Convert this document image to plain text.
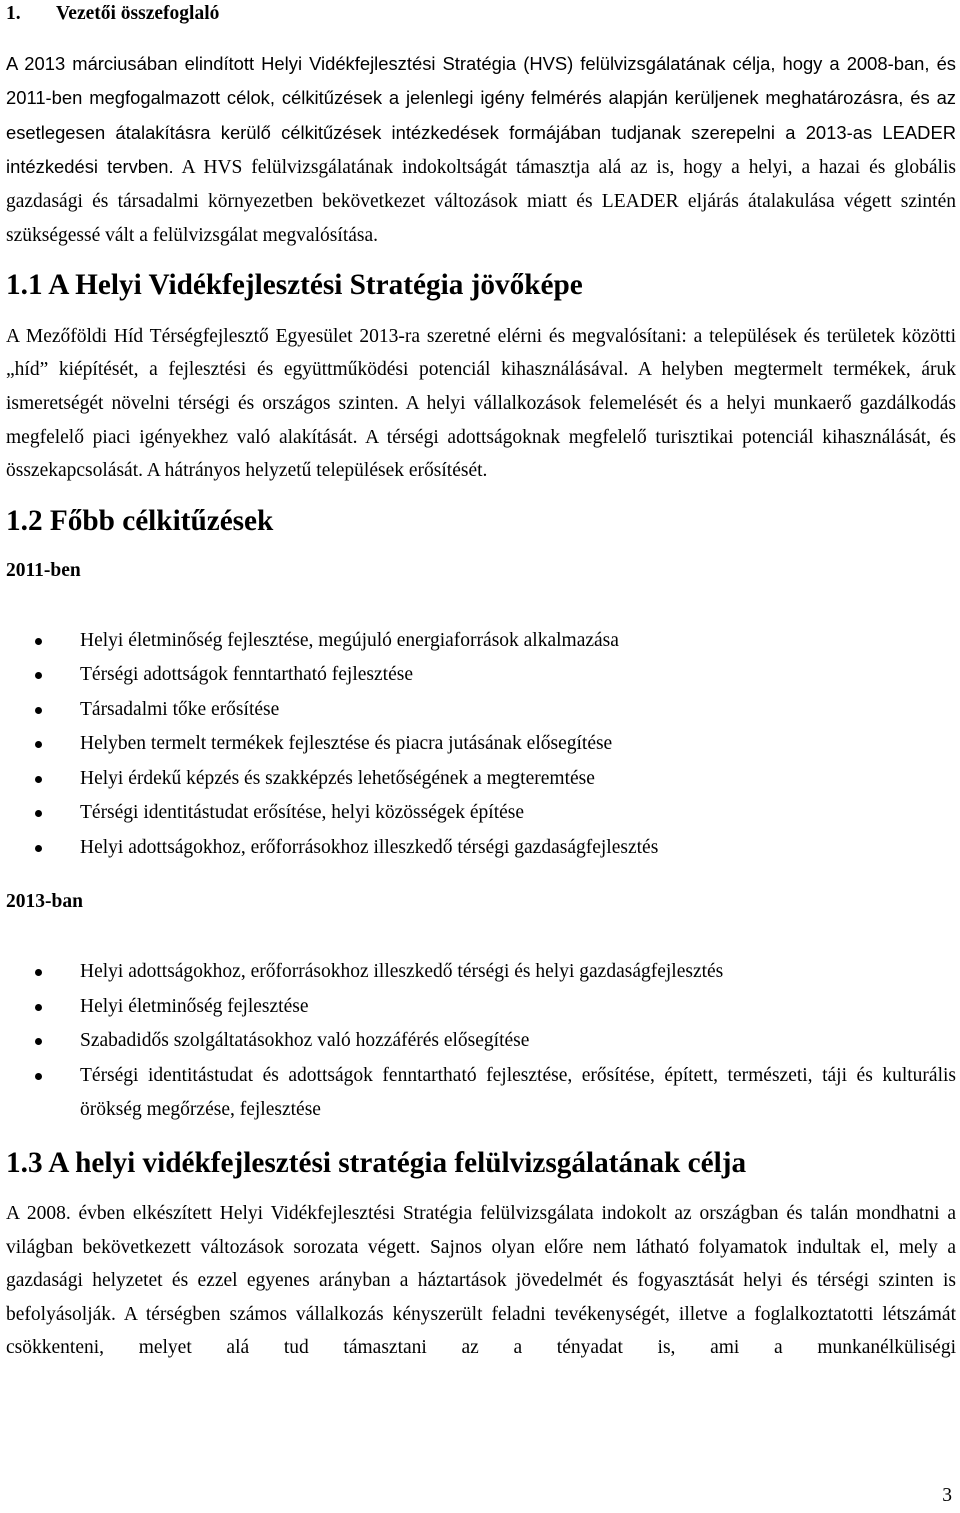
1. Vezetői összefoglaló

A 2013 márciusában elindított Helyi Vidékfejlesztési Stratégia (HVS) felülvizsgálatának célja, hogy a 2008-ban, és 2011-ben megfogalmazott célok, célkitűzések a jelenlegi igény felmérés alapján kerüljenek meghatározásra, és az esetlegesen átalakításra kerülő célkitűzések intézkedések formájában tudjanak szerepelni a 2013-as LEADER intézkedési tervben. A HVS felülvizsgálatának indokoltságát támasztja alá az is, hogy a helyi, a hazai és globális gazdasági és társadalmi környezetben bekövetkezet változások miatt és LEADER eljárás átalakulása végett szintén szükségessé vált a felülvizsgálat megvalósítása.

1.1 A Helyi Vidékfejlesztési Stratégia jövőképe

A Mezőföldi Híd Térségfejlesztő Egyesület 2013-ra szeretné elérni és megvalósítani: a települések és területek közötti „híd” kiépítését, a fejlesztési és együttműködési potenciál kihasználásával. A helyben megtermelt termékek, áruk ismeretségét növelni térségi és országos szinten. A helyi vállalkozások felemelését és a helyi munkaerő gazdálkodás megfelelő piaci igényekhez való alakítását. A térségi adottságoknak megfelelő turisztikai potenciál kihasználását, és összekapcsolását. A hátrányos helyzetű települések erősítését.

1.2 Főbb célkitűzések
2011-ben
Helyi életminőség fejlesztése, megújuló energiaforrások alkalmazása
Térségi adottságok fenntartható fejlesztése
Társadalmi tőke erősítése
Helyben termelt termékek fejlesztése és piacra jutásának elősegítése
Helyi érdekű képzés és szakképzés lehetőségének a megteremtése
Térségi identitástudat erősítése, helyi közösségek építése
Helyi adottságokhoz, erőforrásokhoz illeszkedő térségi gazdaságfejlesztés
2013-ban
Helyi adottságokhoz, erőforrásokhoz illeszkedő térségi és helyi gazdaságfejlesztés
Helyi életminőség fejlesztése
Szabadidős szolgáltatásokhoz való hozzáférés elősegítése
Térségi identitástudat és adottságok fenntartható fejlesztése, erősítése, épített, természeti, táji és kulturális örökség megőrzése, fejlesztése
1.3 A helyi vidékfejlesztési stratégia felülvizsgálatának célja

A 2008. évben elkészített Helyi Vidékfejlesztési Stratégia felülvizsgálata indokolt az országban és talán mondhatni a világban bekövetkezett változások sorozata végett. Sajnos olyan előre nem látható folyamatok indultak el, mely a gazdasági helyzetet és ezzel egyenes arányban a háztartások jövedelmét és fogyasztását helyi és térségi szinten is befolyásolják. A térségben számos vállalkozás kényszerült feladni tevékenységét, illetve a foglalkoztatotti létszámát csökkenteni, melyet alá tud támasztani az a tényadat is, ami a munkanélküliségi

3
